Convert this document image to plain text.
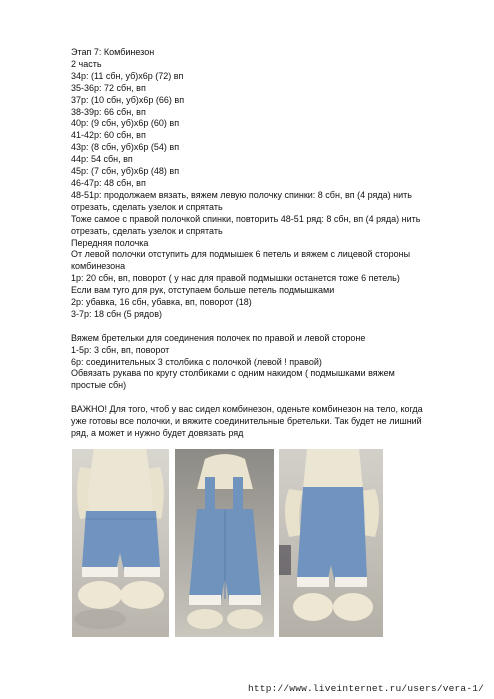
Этап 7: Комбинезон
2 часть
34р: (11 сбн, уб)х6р (72) вп
35-36р: 72 сбн, вп
37р: (10 сбн, уб)х6р (66) вп
38-39р: 66 сбн, вп
40р: (9 сбн, уб)х6р (60) вп
41-42р: 60 сбн, вп
43р: (8 сбн, уб)х6р (54) вп
44р: 54 сбн, вп
45р: (7 сбн, уб)х6р (48) вп
46-47р: 48 сбн, вп
48-51р: продолжаем вязать, вяжем левую полочку спинки: 8 сбн, вп (4 ряда) нить отрезать, сделать узелок и спрятать
Тоже самое с правой полочкой спинки, повторить 48-51 ряд: 8 сбн, вп (4 ряда) нить отрезать, сделать узелок и спрятать
Передняя полочка
От левой полочки отступить для подмышек 6 петель и вяжем с лицевой стороны комбинезона
1р: 20 сбн, вп, поворот ( у нас для правой подмышки останется тоже 6 петель)
Если вам туго для рук, отступаем больше петель подмышками
2р: убавка, 16 сбн, убавка, вп, поворот (18)
3-7р: 18 сбн (5 рядов)
Вяжем бретельки для соединения полочек по правой и левой стороне
1-5р: 3 сбн, вп, поворот
6р: соединительных 3 столбика с полочкой (левой ! правой)
Обвязать рукава по кругу столбиками с одним накидом ( подмышками вяжем простые сбн)
ВАЖНО! Для того, чтоб у вас сидел комбинезон, оденьте комбинезон на тело, когда уже готовы все полочки, и вяжите соединительные бретельки. Так будет не лишний ряд, а может и нужно будет довязать ряд
http://www.liveinternet.ru/users/vera-1/
